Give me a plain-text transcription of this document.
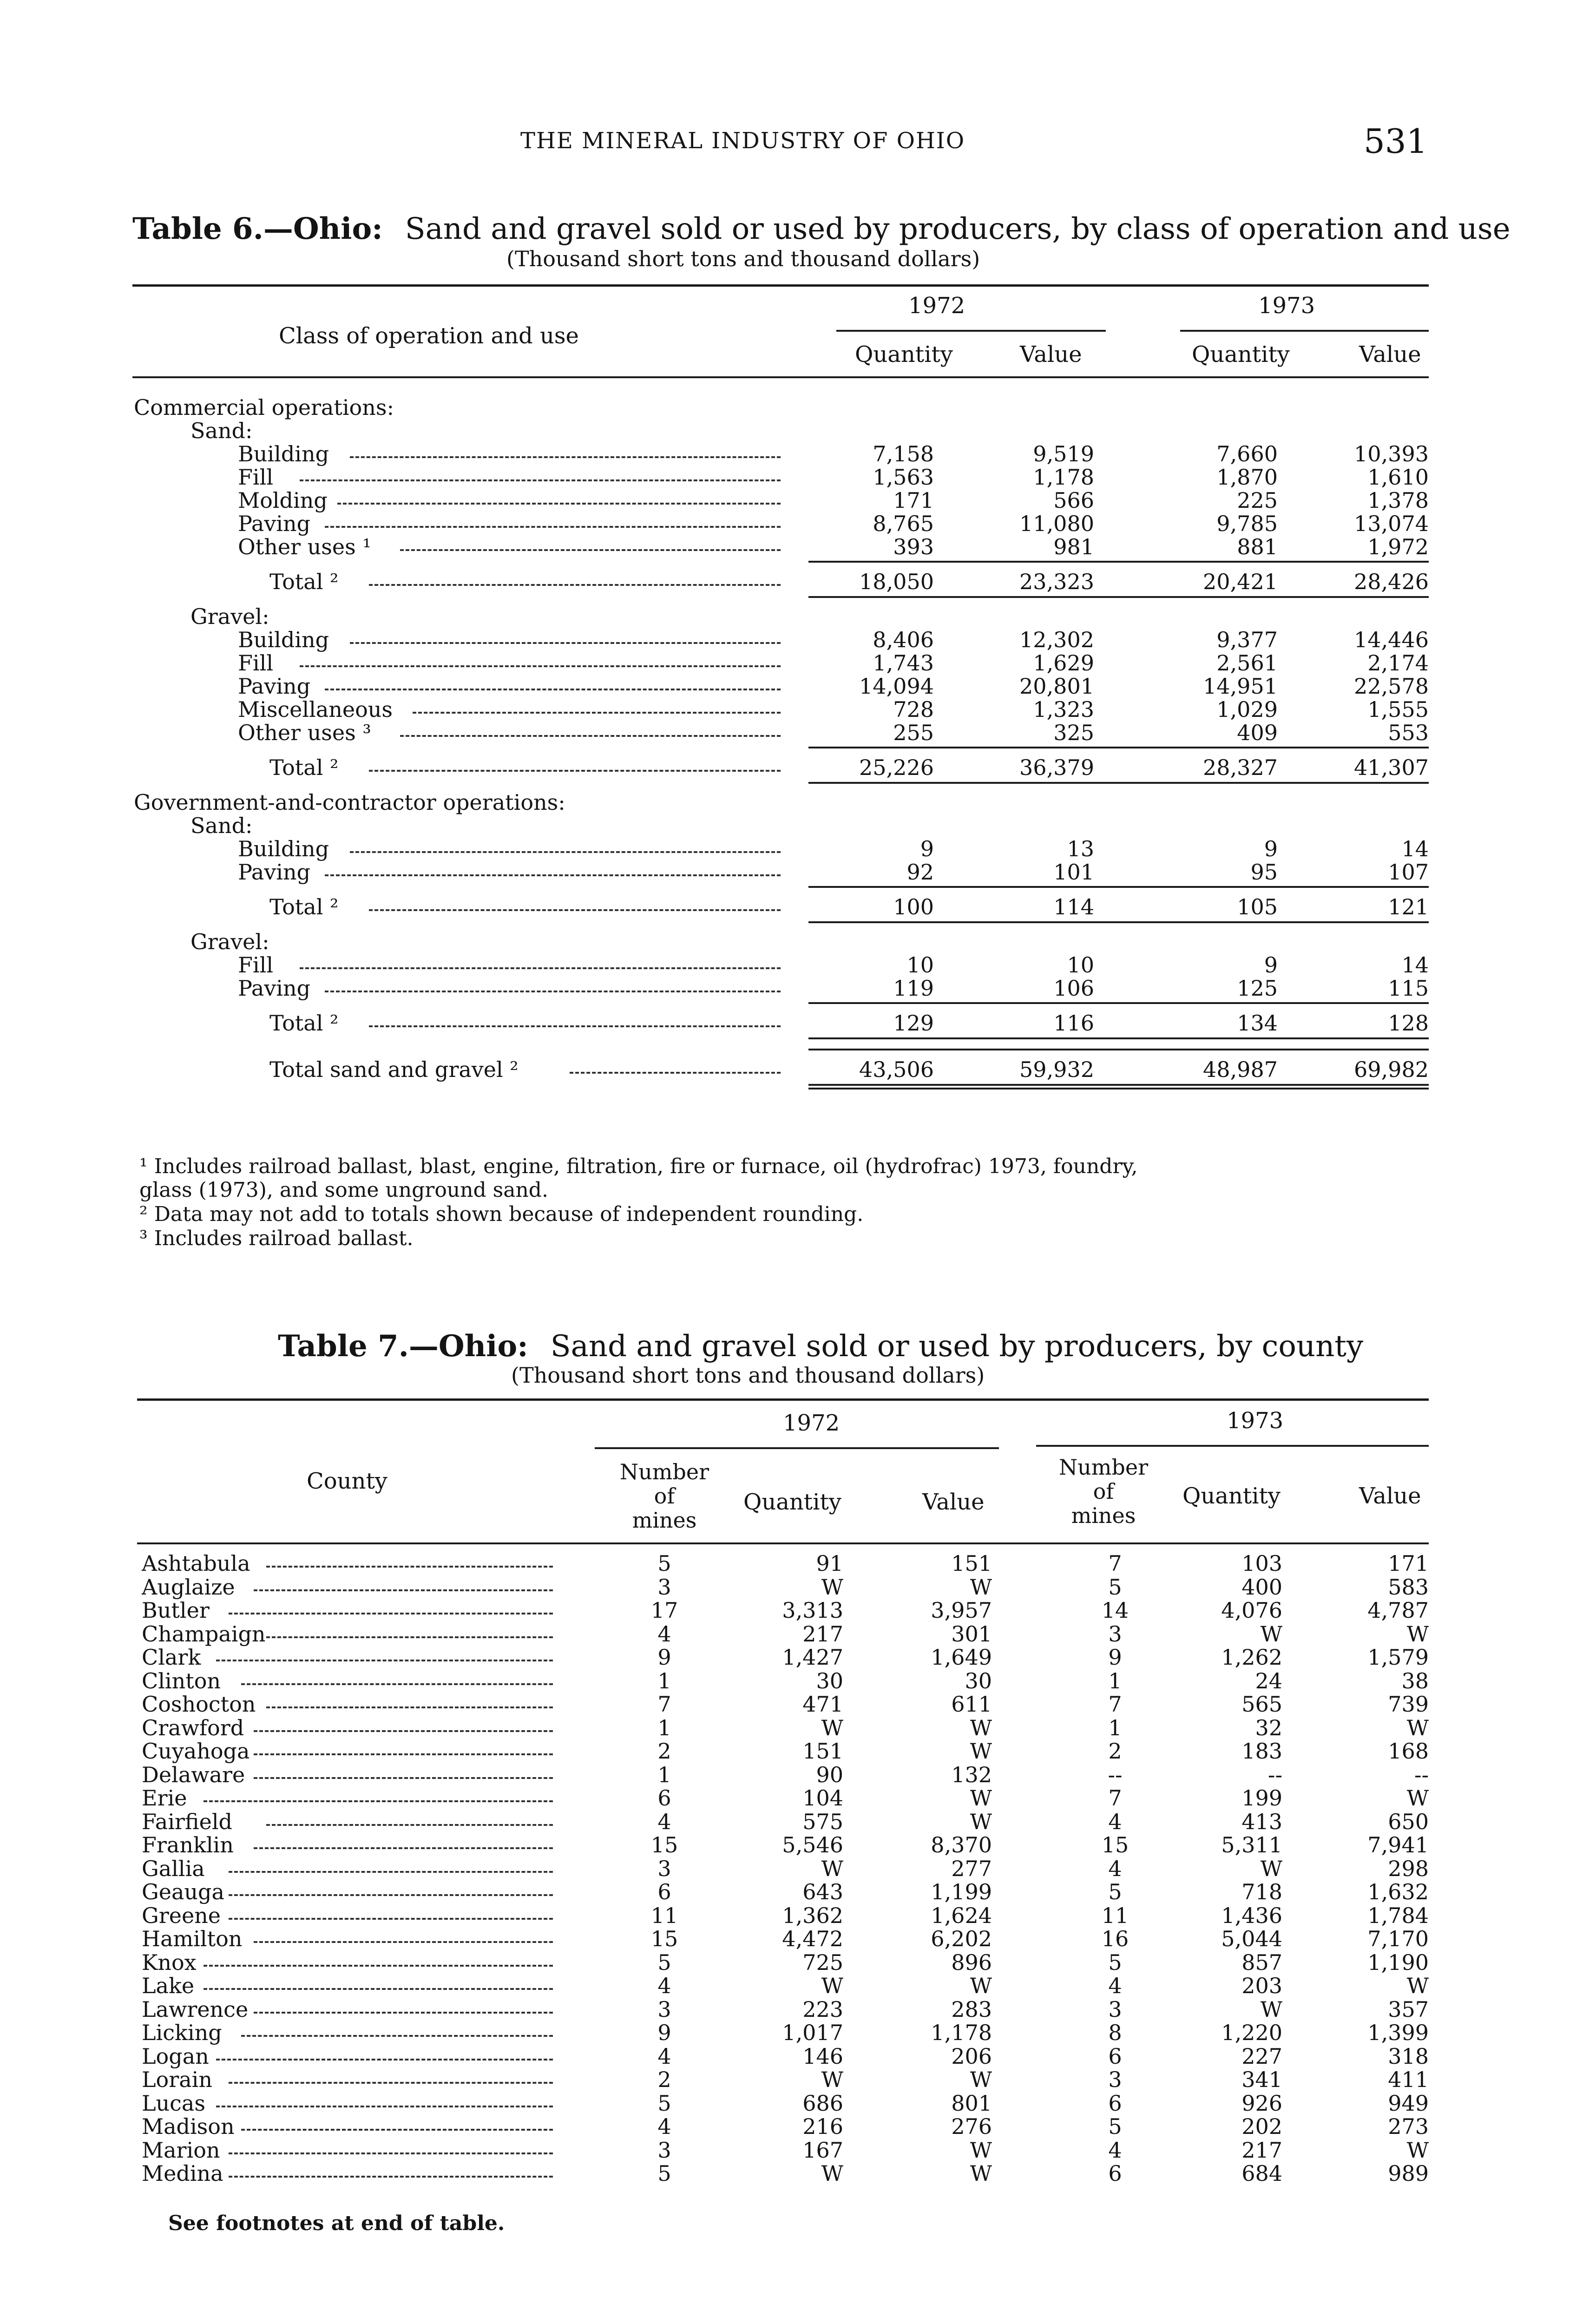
THE MINERAL INDUSTRY OF OHIO	531
Table 6.—Ohio: Sand and gravel sold or used by producers, by class of operation and use
(Thousand short tons and thousand dollars)
Class of operation and use
1972	1973
Quantity	Value	Quantity	Value
Commercial operations:
Sand:
Building	7,158	9,519	7,660	10,393
Fill	1,563	1,178	1,870	1,610
Molding	171	566	225	1,378
Paving	8,765	11,080	9,785	13,074
Other uses ¹	393	981	881	1,972
Total ²	18,050	23,323	20,421	28,426
Gravel:
Building	8,406	12,302	9,377	14,446
Fill	1,743	1,629	2,561	2,174
Paving	14,094	20,801	14,951	22,578
Miscellaneous	728	1,323	1,029	1,555
Other uses ³	255	325	409	553
Total ²	25,226	36,379	28,327	41,307
Government-and-contractor operations:
Sand:
Building	9	13	9	14
Paving	92	101	95	107
Total ²	100	114	105	121
Gravel:
Fill	10	10	9	14
Paving	119	106	125	115
Total ²	129	116	134	128
Total sand and gravel ²	43,506	59,932	48,987	69,982
¹ Includes railroad ballast, blast, engine, filtration, fire or furnace, oil (hydrofrac) 1973, foundry,
glass (1973), and some unground sand.
² Data may not add to totals shown because of independent rounding.
³ Includes railroad ballast.
Table 7.—Ohio: Sand and gravel sold or used by producers, by county
(Thousand short tons and thousand dollars)
1972	1973
County	Number
of
mines
Quantity	Value
Number
of
mines
Quantity	Value
Ashtabula	5	91	151	7	103	171
Auglaize	3	W	W	5	400	583
Butler	17	3,313	3,957	14	4,076	4,787
Champaign	4	217	301	3	W	W
Clark	9	1,427	1,649	9	1,262	1,579
Clinton	1	30	30	1	24	38
Coshocton	7	471	611	7	565	739
Crawford	1	W	W	1	32	W
Cuyahoga	2	151	W	2	183	168
Delaware	1	90	132	--	--	--
Erie	6	104	W	7	199	W
Fairfield	4	575	W	4	413	650
Franklin	15	5,546	8,370	15	5,311	7,941
Gallia	3	W	277	4	W	298
Geauga	6	643	1,199	5	718	1,632
Greene	11	1,362	1,624	11	1,436	1,784
Hamilton	15	4,472	6,202	16	5,044	7,170
Knox	5	725	896	5	857	1,190
Lake	4	W	W	4	203	W
Lawrence	3	223	283	3	W	357
Licking	9	1,017	1,178	8	1,220	1,399
Logan	4	146	206	6	227	318
Lorain	2	W	W	3	341	411
Lucas	5	686	801	6	926	949
Madison	4	216	276	5	202	273
Marion	3	167	W	4	217	W
Medina	5	W	W	6	684	989
See footnotes at end of table.
